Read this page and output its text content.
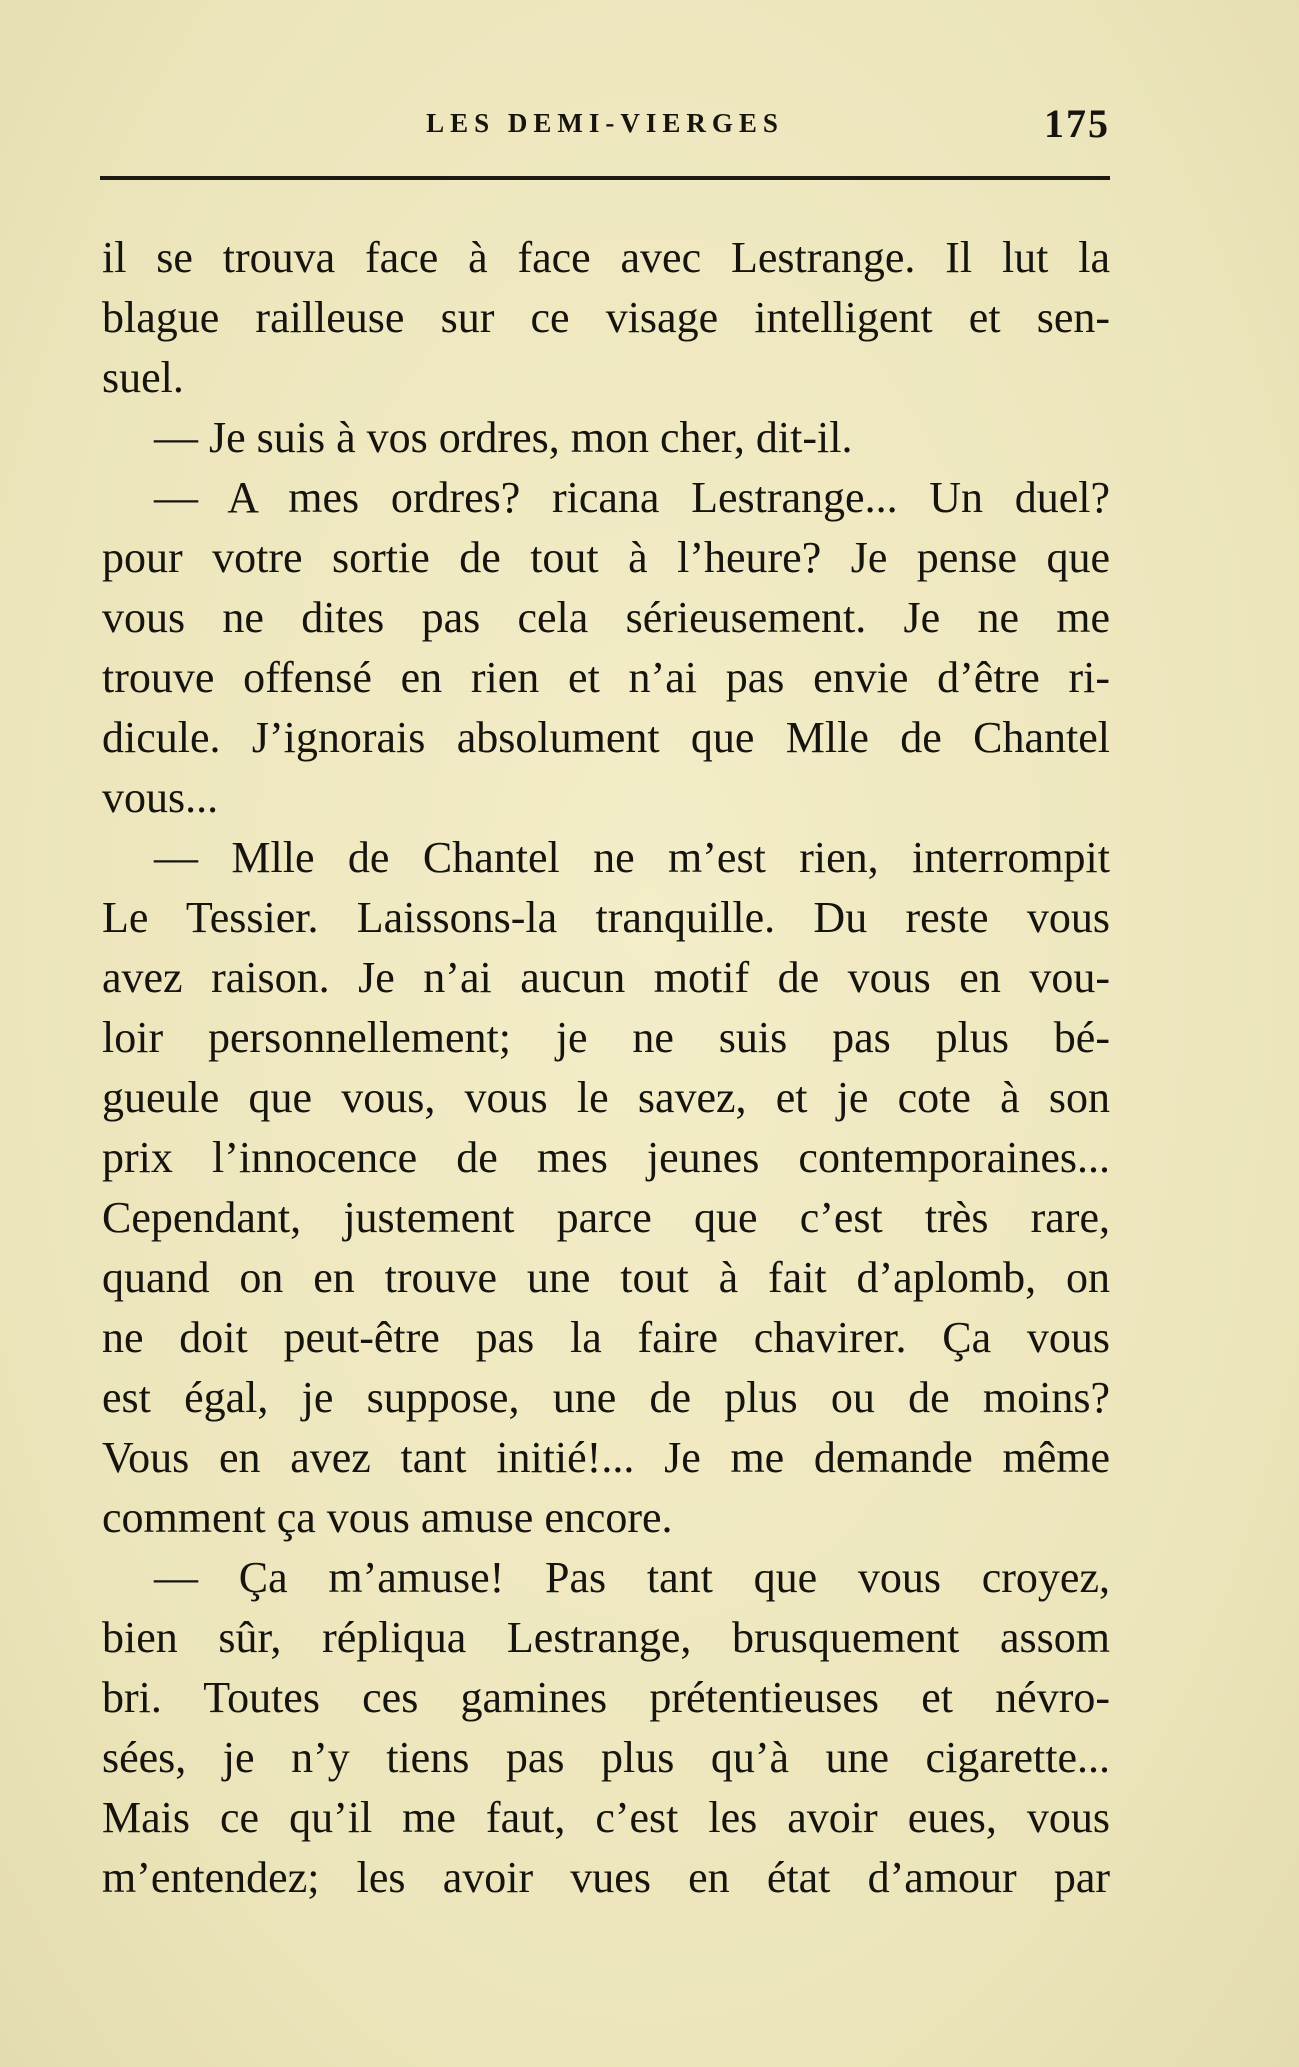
LES DEMI-VIERGES	175
il se trouva face à face avec Lestrange. Il lut la
blague railleuse sur ce visage intelligent et sen-
suel.
— Je suis à vos ordres, mon cher, dit-il.
— A mes ordres? ricana Lestrange... Un duel?
pour votre sortie de tout à l’heure? Je pense que
vous ne dites pas cela sérieusement. Je ne me
trouve offensé en rien et n’ai pas envie d’être ri-
dicule. J’ignorais absolument que Mlle de Chantel
vous...
— Mlle de Chantel ne m’est rien, interrompit
Le Tessier. Laissons-la tranquille. Du reste vous
avez raison. Je n’ai aucun motif de vous en vou-
loir personnellement; je ne suis pas plus bé-
gueule que vous, vous le savez, et je cote à son
prix l’innocence de mes jeunes contemporaines...
Cependant, justement parce que c’est très rare,
quand on en trouve une tout à fait d’aplomb, on
ne doit peut-être pas la faire chavirer. Ça vous
est égal, je suppose, une de plus ou de moins?
Vous en avez tant initié!... Je me demande même
comment ça vous amuse encore.
— Ça m’amuse! Pas tant que vous croyez,
bien sûr, répliqua Lestrange, brusquement assom
bri. Toutes ces gamines prétentieuses et névro-
sées, je n’y tiens pas plus qu’à une cigarette...
Mais ce qu’il me faut, c’est les avoir eues, vous
m’entendez; les avoir vues en état d’amour par
